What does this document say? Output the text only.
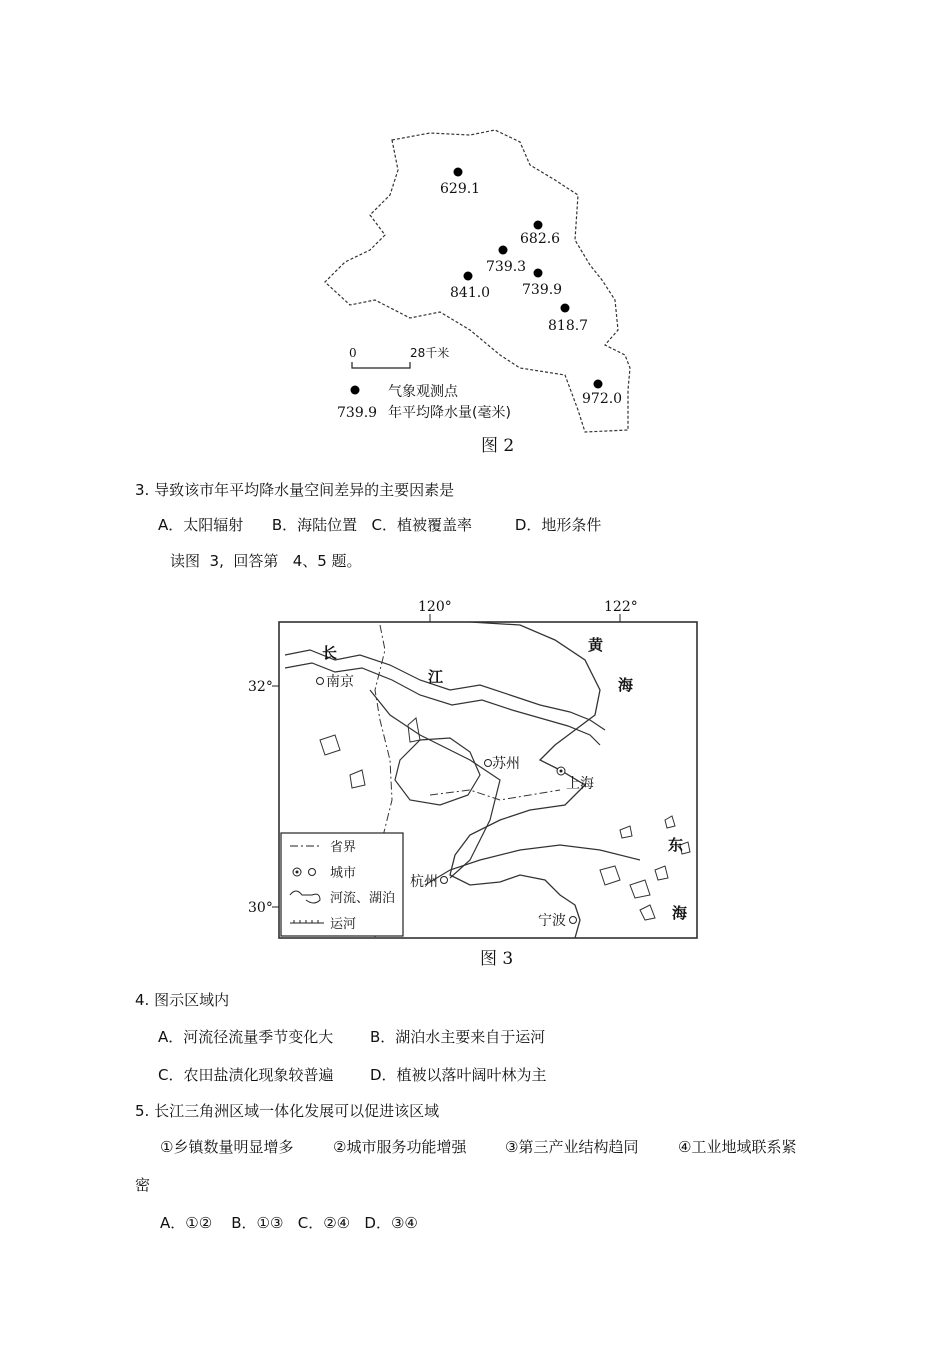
629.1
682.6
739.3
841.0 739.9
818.7
972.0
0	28千米
气象观测点
739.9 年平均降水量(毫米)
图 2
3. 导致该市年平均降水量空间差异的主要因素是
A．太阳辐射      B．海陆位置   C．植被覆盖率         D．地形条件
读图  3,  回答第   4、5 题。
120°	122°
32°
30°
长
江
南京
苏州
上海
杭州
宁波
黄
海
东
海
省界
城市
河流、湖泊
运河
图 3
4. 图示区域内
A．河流径流量季节变化大 B．湖泊水主要来自于运河
C．农田盐渍化现象较普遍 D．植被以落叶阔叶林为主
5. 长江三角洲区域一体化发展可以促进该区域
①乡镇数量明显增多	②城市服务功能增强	③第三产业结构趋同	④工业地域联系紧
密
A．①②    B．①③   C．②④   D．③④
